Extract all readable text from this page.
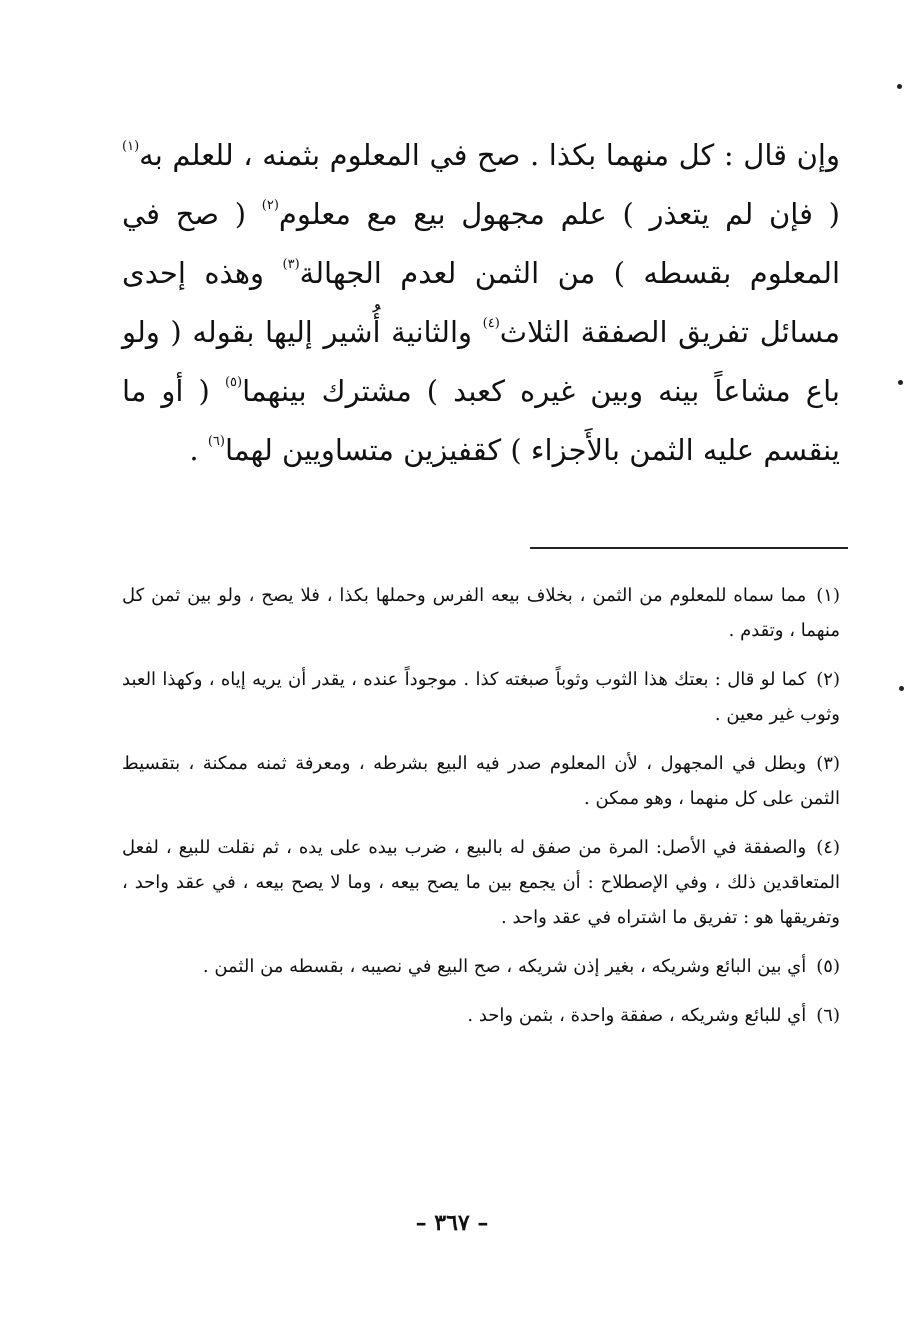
وإن قال : كل منهما بكذا . صح في المعلوم بثمنه ، للعلم به$^{(١)}$ ( فإن لم يتعذر ) علم مجهول بيع مع معلوم$^{(٢)}$ ( صح في المعلوم بقسطه ) من الثمن لعدم الجهالة$^{(٣)}$ وهذه إحدى مسائل تفريق الصفقة الثلاث$^{(٤)}$ والثانية أُشير إليها بقوله ( ولو باع مشاعاً بينه وبين غيره كعبد ) مشترك بينهما$^{(٥)}$ ( أو ما ينقسم عليه الثمن بالأَجزاء ) كقفيزين متساويين لهما$^{(٦)}$ .

(١)مما سماه للمعلوم من الثمن ، بخلاف بيعه الفرس وحملها بكذا ، فلا يصح ، ولو بين ثمن كل منهما ، وتقدم .

(٢)كما لو قال : بعتك هذا الثوب وثوباً صبغته كذا . موجوداً عنده ، يقدر أن يريه إياه ، وكهذا العبد وثوب غير معين .

(٣)وبطل في المجهول ، لأن المعلوم صدر فيه البيع بشرطه ، ومعرفة ثمنه ممكنة ، بتقسيط الثمن على كل منهما ، وهو ممكن .

(٤)والصفقة في الأصل: المرة من صفق له بالبيع ، ضرب بيده على يده ، ثم نقلت للبيع ، لفعل المتعاقدين ذلك ، وفي الإصطلاح : أن يجمع بين ما يصح بيعه ، وما لا يصح بيعه ، في عقد واحد ، وتفريقها هو : تفريق ما اشتراه في عقد واحد .

(٥)أي بين البائع وشريكه ، بغير إذن شريكه ، صح البيع في نصيبه ، بقسطه من الثمن .

(٦)أي للبائع وشريكه ، صفقة واحدة ، بثمن واحد .

– ٣٦٧ –
